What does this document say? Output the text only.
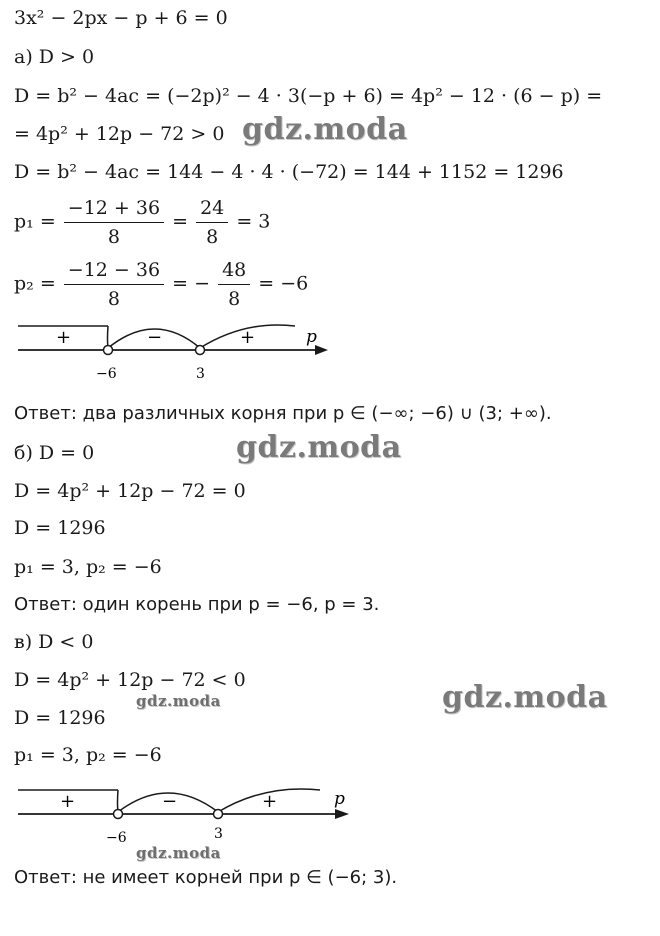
3x² − 2px − p + 6 = 0
а) D > 0
D = b² − 4ac = (−2p)² − 4 · 3(−p + 6) = 4p² − 12 · (6 − p) =
= 4p² + 12p − 72 > 0
D = b² − 4ac = 144 − 4 · 4 · (−72) = 144 + 1152 = 1296
$p_1 = \frac{-12 + 36}{8} = \frac{24}{8} = 3$
$p_2 = \frac{-12 - 36}{8}$ = − $\frac{48}{8} = -6$
+	−	+	p
−6	3
Ответ: два различных корня при p ∈ (−∞; −6) ∪ (3; +∞).
б) D = 0
D = 4p² + 12p − 72 = 0
D = 1296
p₁ = 3, p₂ = −6
Ответ: один корень при p = −6, p = 3.
в) D < 0
D = 4p² + 12p − 72 < 0
D = 1296
p₁ = 3, p₂ = −6
+	−	+	p
−6	3
Ответ: не имеет корней при p ∈ (−6; 3).
gdz.moda
gdz.moda
gdz.moda
gdz.moda
gdz.moda
